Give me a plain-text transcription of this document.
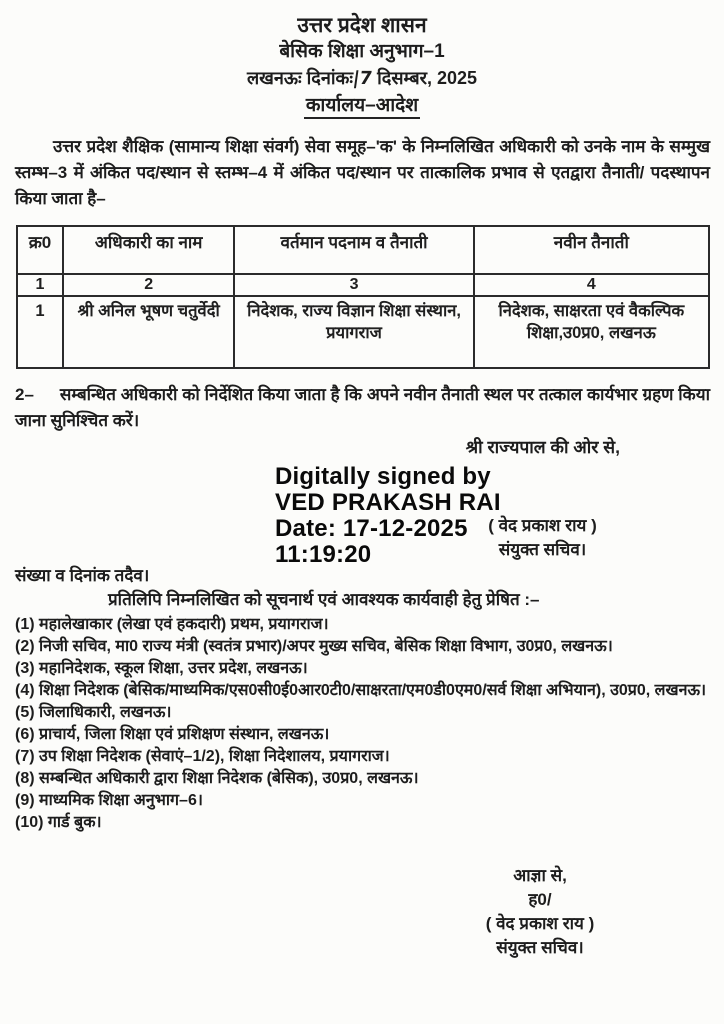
उत्तर प्रदेश शासन
बेसिक शिक्षा अनुभाग–1
लखनऊः दिनांकः|7 दिसम्बर, 2025
कार्यालय–आदेश

उत्तर प्रदेश शैक्षिक (सामान्य शिक्षा संवर्ग) सेवा समूह–'क' के निम्नलिखित अधिकारी को उनके नाम के सम्मुख स्तम्भ–3 में अंकित पद/स्थान से स्तम्भ–4 में अंकित पद/स्थान पर तात्कालिक प्रभाव से एतद्वारा तैनाती/ पदस्थापन किया जाता है–

क्र0	अधिकारी का नाम	वर्तमान पदनाम व तैनाती	नवीन तैनाती
1	2	3	4
1	श्री अनिल भूषण चतुर्वेदी	निदेशक, राज्य विज्ञान शिक्षा संस्थान, प्रयागराज	निदेशक, साक्षरता एवं वैकल्पिक शिक्षा,उ0प्र0, लखनऊ

2– सम्बन्धित अधिकारी को निर्देशित किया जाता है कि अपने नवीन तैनाती स्थल पर तत्काल कार्यभार ग्रहण किया जाना सुनिश्चित करें।

श्री राज्यपाल की ओर से,
Digitally signed by
VED PRAKASH RAI
Date: 17-12-2025
11:19:20
( वेद प्रकाश राय )
संयुक्त सचिव।
संख्या व दिनांक तदैव।
प्रतिलिपि निम्नलिखित को सूचनार्थ एवं आवश्यक कार्यवाही हेतु प्रेषित :–
(1) महालेखाकार (लेखा एवं हकदारी) प्रथम, प्रयागराज।
(2) निजी सचिव, मा0 राज्य मंत्री (स्वतंत्र प्रभार)/अपर मुख्य सचिव, बेसिक शिक्षा विभाग, उ0प्र0, लखनऊ।
(3) महानिदेशक, स्कूल शिक्षा, उत्तर प्रदेश, लखनऊ।
(4) शिक्षा निदेशक (बेसिक/माध्यमिक/एस0सी0ई0आर0टी0/साक्षरता/एम0डी0एम0/सर्व शिक्षा अभियान), उ0प्र0, लखनऊ।
(5) जिलाधिकारी, लखनऊ।
(6) प्राचार्य, जिला शिक्षा एवं प्रशिक्षण संस्थान, लखनऊ।
(7) उप शिक्षा निदेशक (सेवाएं–1/2), शिक्षा निदेशालय, प्रयागराज।
(8) सम्बन्धित अधिकारी द्वारा शिक्षा निदेशक (बेसिक), उ0प्र0, लखनऊ।
(9) माध्यमिक शिक्षा अनुभाग–6।
(10) गार्ड बुक।
आज्ञा से,
ह0/
( वेद प्रकाश राय )
संयुक्त सचिव।
